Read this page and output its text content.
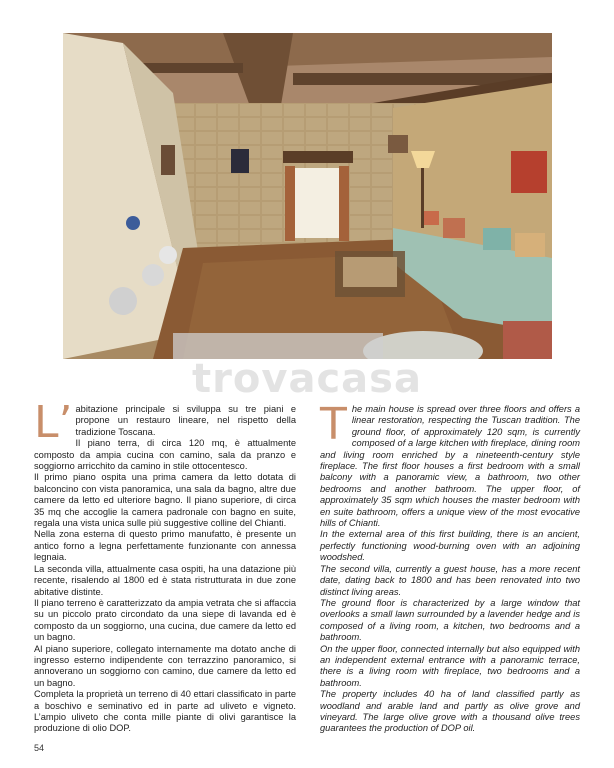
trovacasa
L’ abitazione principale si sviluppa su tre piani e propone un restauro lineare, nel rispetto della tradizione Toscana.

Il piano terra, di circa 120 mq, è attualmente composto da ampia cucina con camino, sala da pranzo e soggiorno arricchito da camino in stile ottocentesco.

Il primo piano ospita una prima camera da letto dotata di balconcino con vista panoramica, una sala da bagno, altre due camere da letto ed ulteriore bagno. Il piano superiore, di circa 35 mq che accoglie la camera padronale con bagno en suite, regala una vista unica sulle più suggestive colline del Chianti.

Nella zona esterna di questo primo manufatto, è presente un antico forno a legna perfettamente funzionante con annessa legnaia.

La seconda villa, attualmente casa ospiti, ha una datazione più recente, risalendo al 1800 ed è stata ristrutturata in due zone abitative distinte.

Il piano terreno è caratterizzato da ampia vetrata che si affaccia su un piccolo prato circondato da una siepe di lavanda ed è composto da un soggiorno, una cucina, due camere da letto ed un bagno.

Al piano superiore, collegato internamente ma dotato anche di ingresso esterno indipendente con terrazzino panoramico, si annoverano un soggiorno con camino, due camere da letto ed un bagno.

Completa la proprietà un terreno di 40 ettari classificato in parte a boschivo e seminativo ed in parte ad uliveto e vigneto. L’ampio uliveto che conta mille piante di olivi garantisce la produzione di olio DOP.

T he main house is spread over three floors and offers a linear restoration, respecting the Tuscan tradition. The ground floor, of approximately 120 sqm, is currently composed of a large kitchen with fireplace, dining room and living room enriched by a nineteenth-century style fireplace. The first floor houses a first bedroom with a small balcony with a panoramic view, a bathroom, two other bedrooms and another bathroom. The upper floor, of approximately 35 sqm which houses the master bedroom with en suite bathroom, offers a unique view of the most evocative hills of Chianti.

In the external area of this first building, there is an ancient, perfectly functioning wood-burning oven with an adjoining woodshed.

The second villa, currently a guest house, has a more recent date, dating back to 1800 and has been renovated into two distinct living areas.

The ground floor is characterized by a large window that overlooks a small lawn surrounded by a lavender hedge and is composed of a living room, a kitchen, two bedrooms and a bathroom.

On the upper floor, connected internally but also equipped with an independent external entrance with a panoramic terrace, there is a living room with fireplace, two bedrooms and a bathroom.

The property includes 40 ha of land classified partly as woodland and arable land and partly as olive grove and vineyard. The large olive grove with a thousand olive trees guarantees the production of DOP oil.

54
